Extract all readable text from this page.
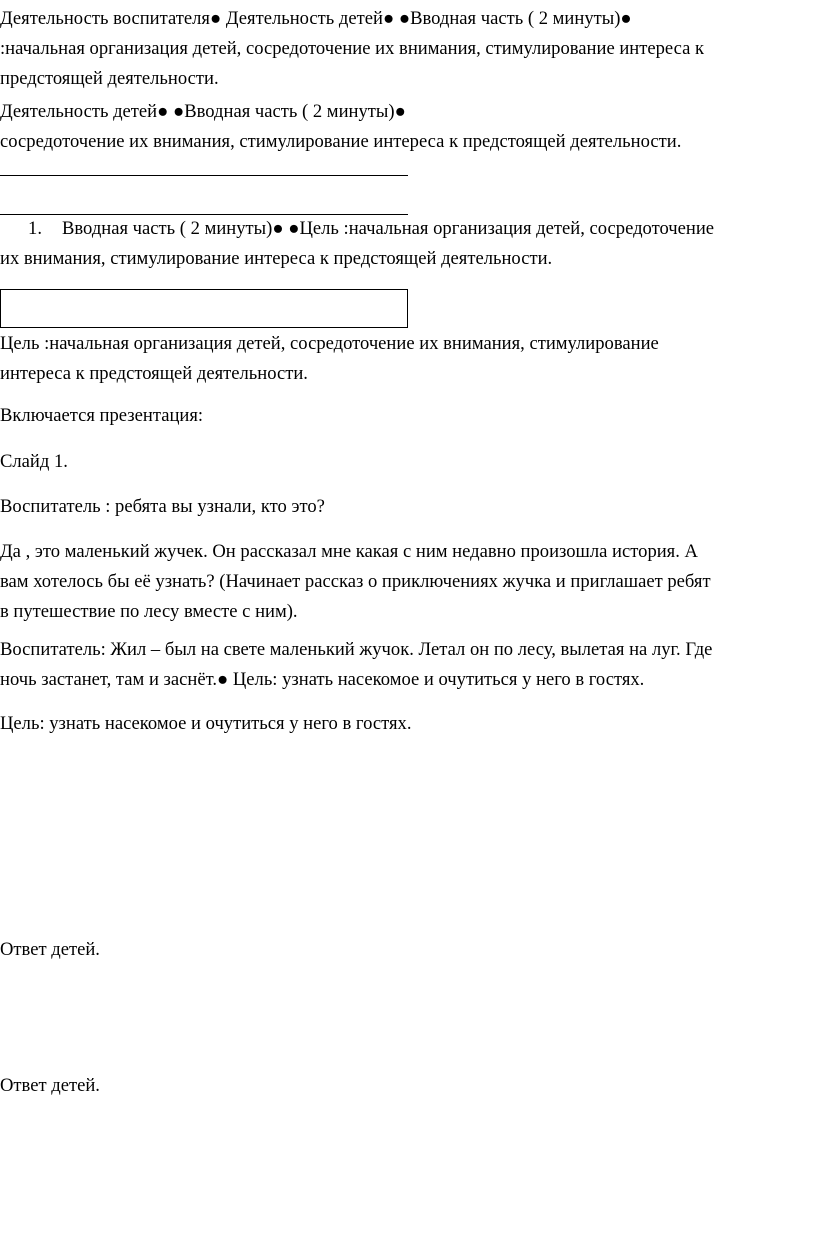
Деятельность воспитателя● Деятельность детей● ●Вводная часть ( 2 минуты)●
:начальная организация детей, сосредоточение их внимания, стимулирование интереса к
предстоящей деятельности.
Деятельность детей● ●Вводная часть ( 2 минуты)●
сосредоточение их внимания, стимулирование интереса к предстоящей деятельности.
1. Вводная часть ( 2 минуты)● ●Цель :начальная организация детей, сосредоточение
их внимания, стимулирование интереса к предстоящей деятельности.
Цель :начальная организация детей, сосредоточение их внимания, стимулирование
интереса к предстоящей деятельности.
Включается презентация:
Слайд 1.
Воспитатель : ребята вы узнали, кто это?
Да , это маленький жучек. Он рассказал мне какая с ним недавно произошла история. А
вам хотелось бы её узнать? (Начинает рассказ о приключениях жучка и приглашает ребят
в путешествие по лесу вместе с ним).
Воспитатель: Жил – был на свете маленький жучок. Летал он по лесу, вылетая на луг. Где
ночь застанет, там и заснёт.● Цель: узнать насекомое и очутиться у него в гостях.
Цель: узнать насекомое и очутиться у него в гостях.
Ответ детей.
Ответ детей.
